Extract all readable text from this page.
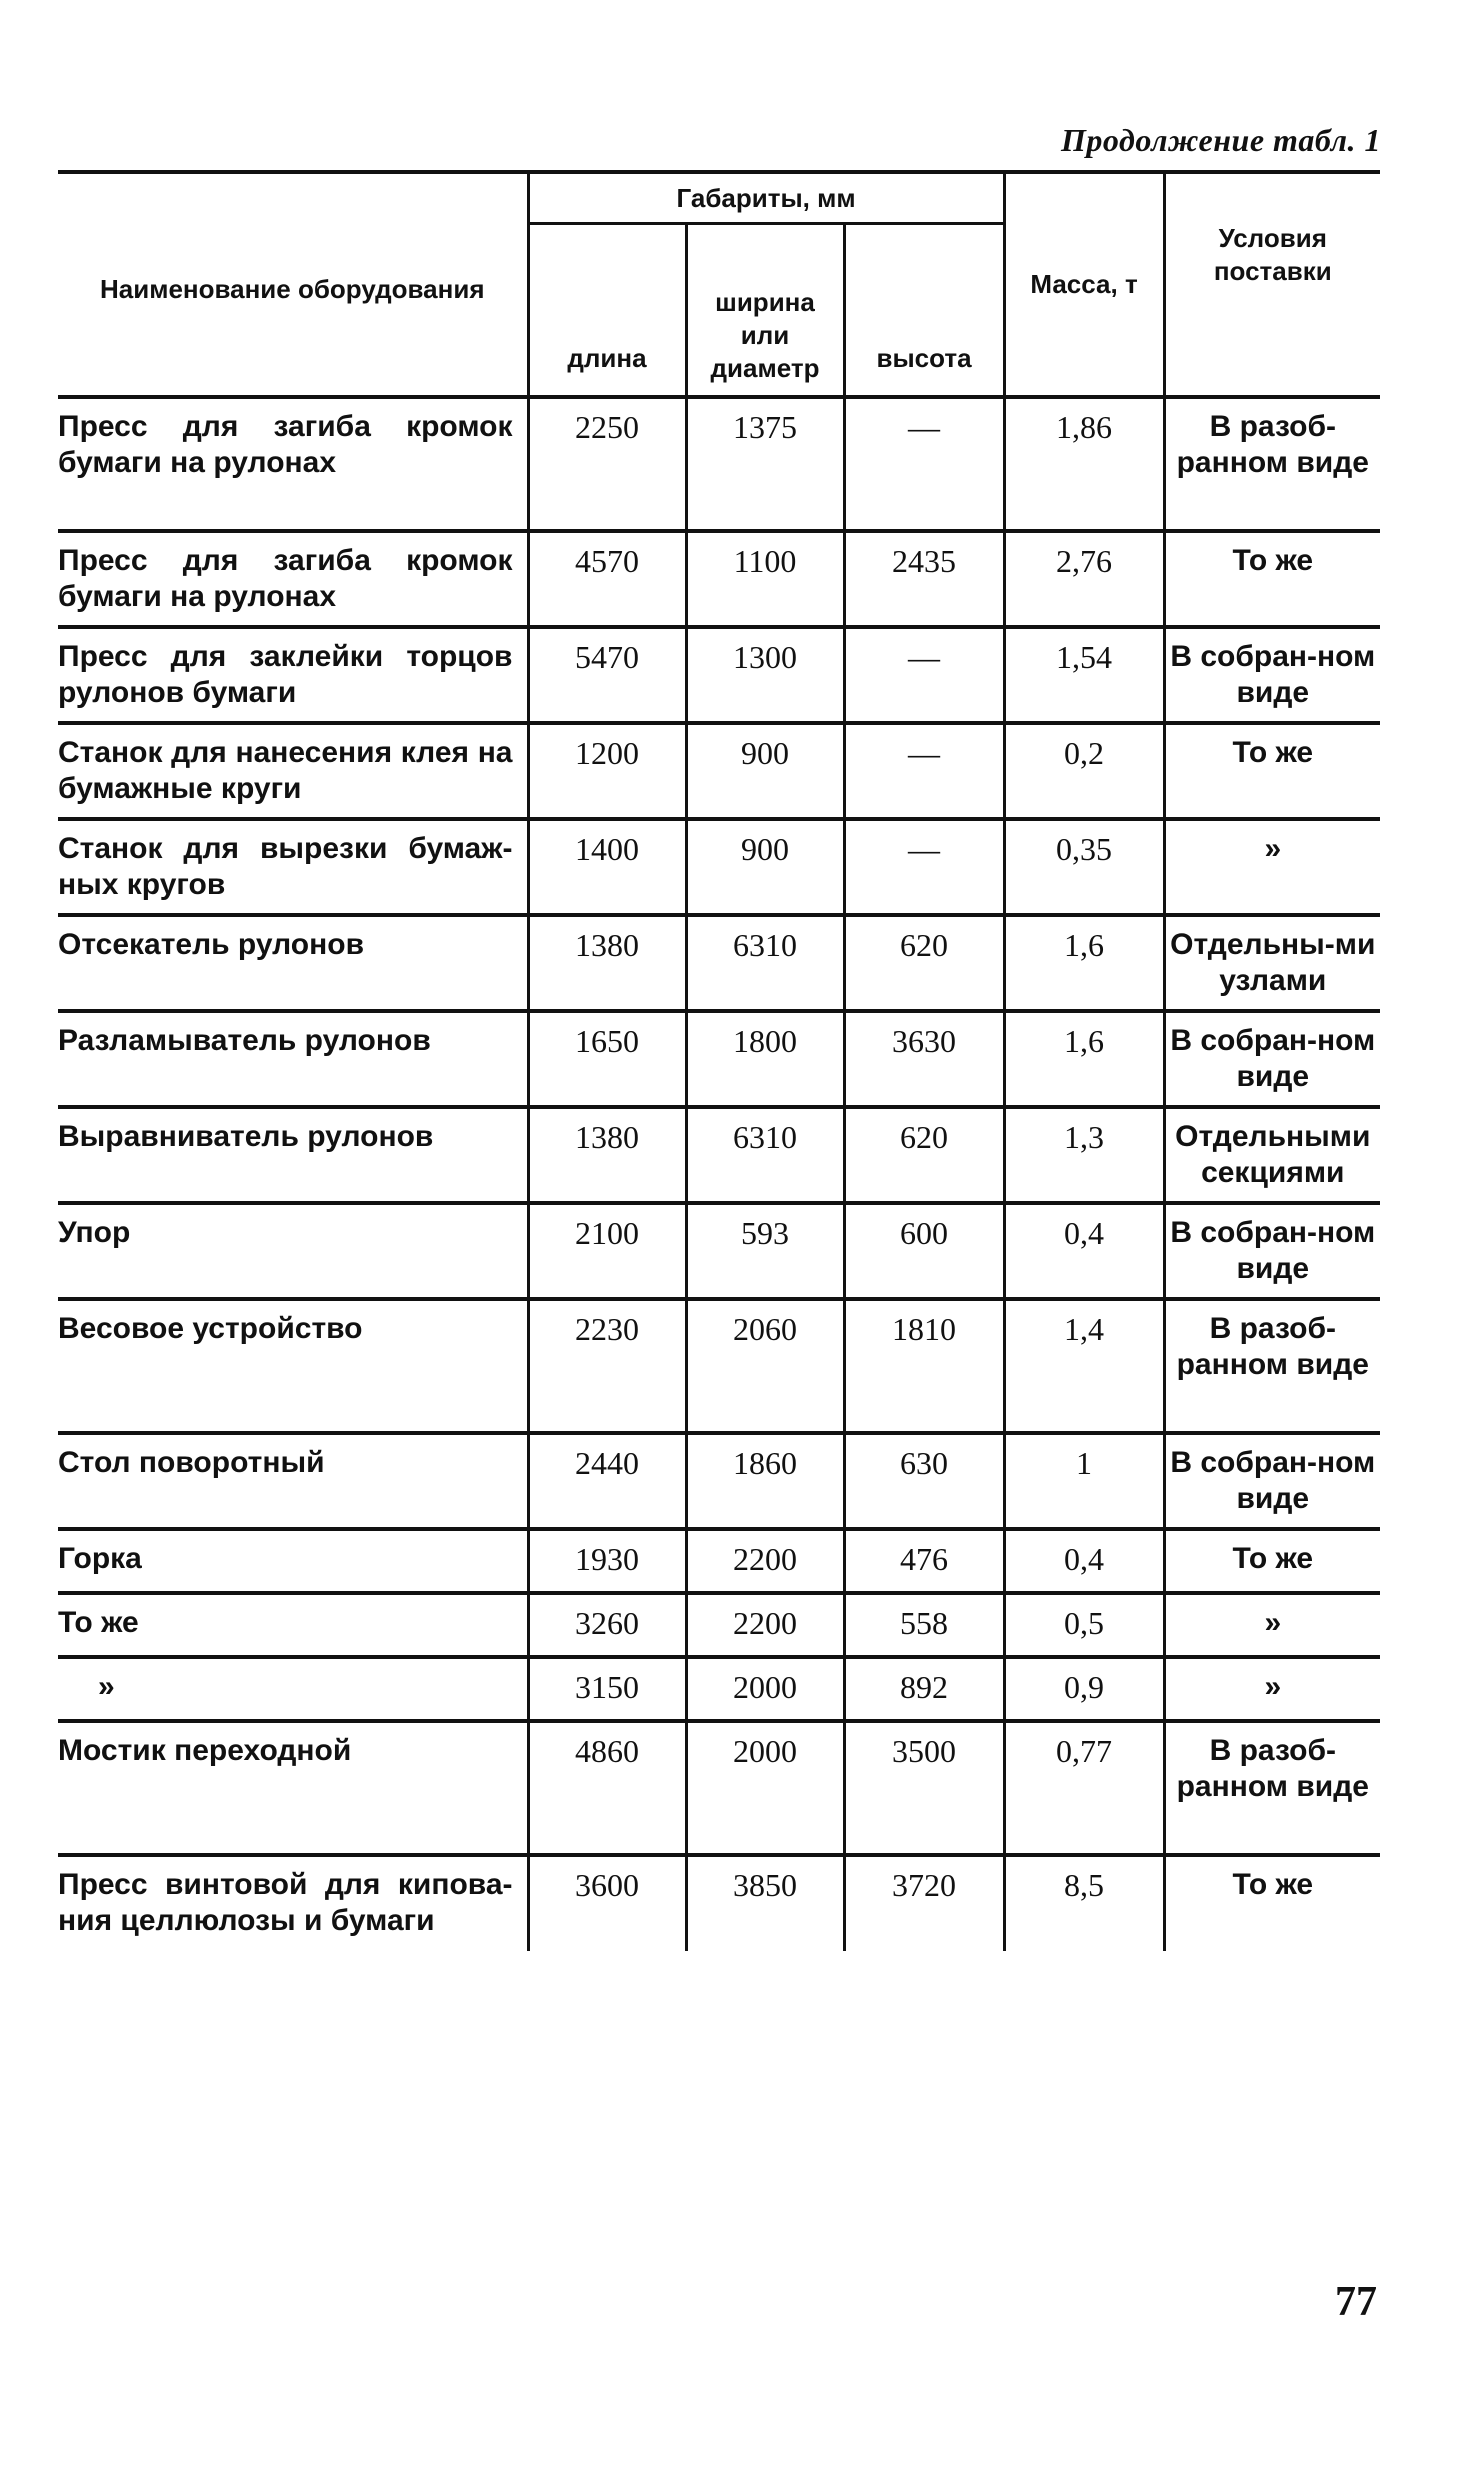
Продолжение табл. 1
Наименование оборудования	Габариты, мм			Масса, т	Условия поставки
	длина	ширина или диаметр	высота		
Пресс для загиба кромок бумаги на рулонах	2250	1375	—	1,86	В разоб-ранном виде
Пресс для загиба кромок бумаги на рулонах	4570	1100	2435	2,76	То же
Пресс для заклейки торцов рулонов бумаги	5470	1300	—	1,54	В собран-ном виде
Станок для нанесения клея на бумажные круги	1200	900	—	0,2	То же
Станок для вырезки бумаж-ных кругов	1400	900	—	0,35	»
Отсекатель рулонов	1380	6310	620	1,6	Отдельны-ми узлами
Разламыватель рулонов	1650	1800	3630	1,6	В собран-ном виде
Выравниватель рулонов	1380	6310	620	1,3	Отдельными секциями
Упор	2100	593	600	0,4	В собран-ном виде
Весовое устройство	2230	2060	1810	1,4	В разоб-ранном виде
Стол поворотный	2440	1860	630	1	В собран-ном виде
Горка	1930	2200	476	0,4	То же
То же	3260	2200	558	0,5	»
»	3150	2000	892	0,9	»
Мостик переходной	4860	2000	3500	0,77	В разоб-ранном виде
Пресс винтовой для кипова-ния целлюлозы и бумаги	3600	3850	3720	8,5	То же
77
